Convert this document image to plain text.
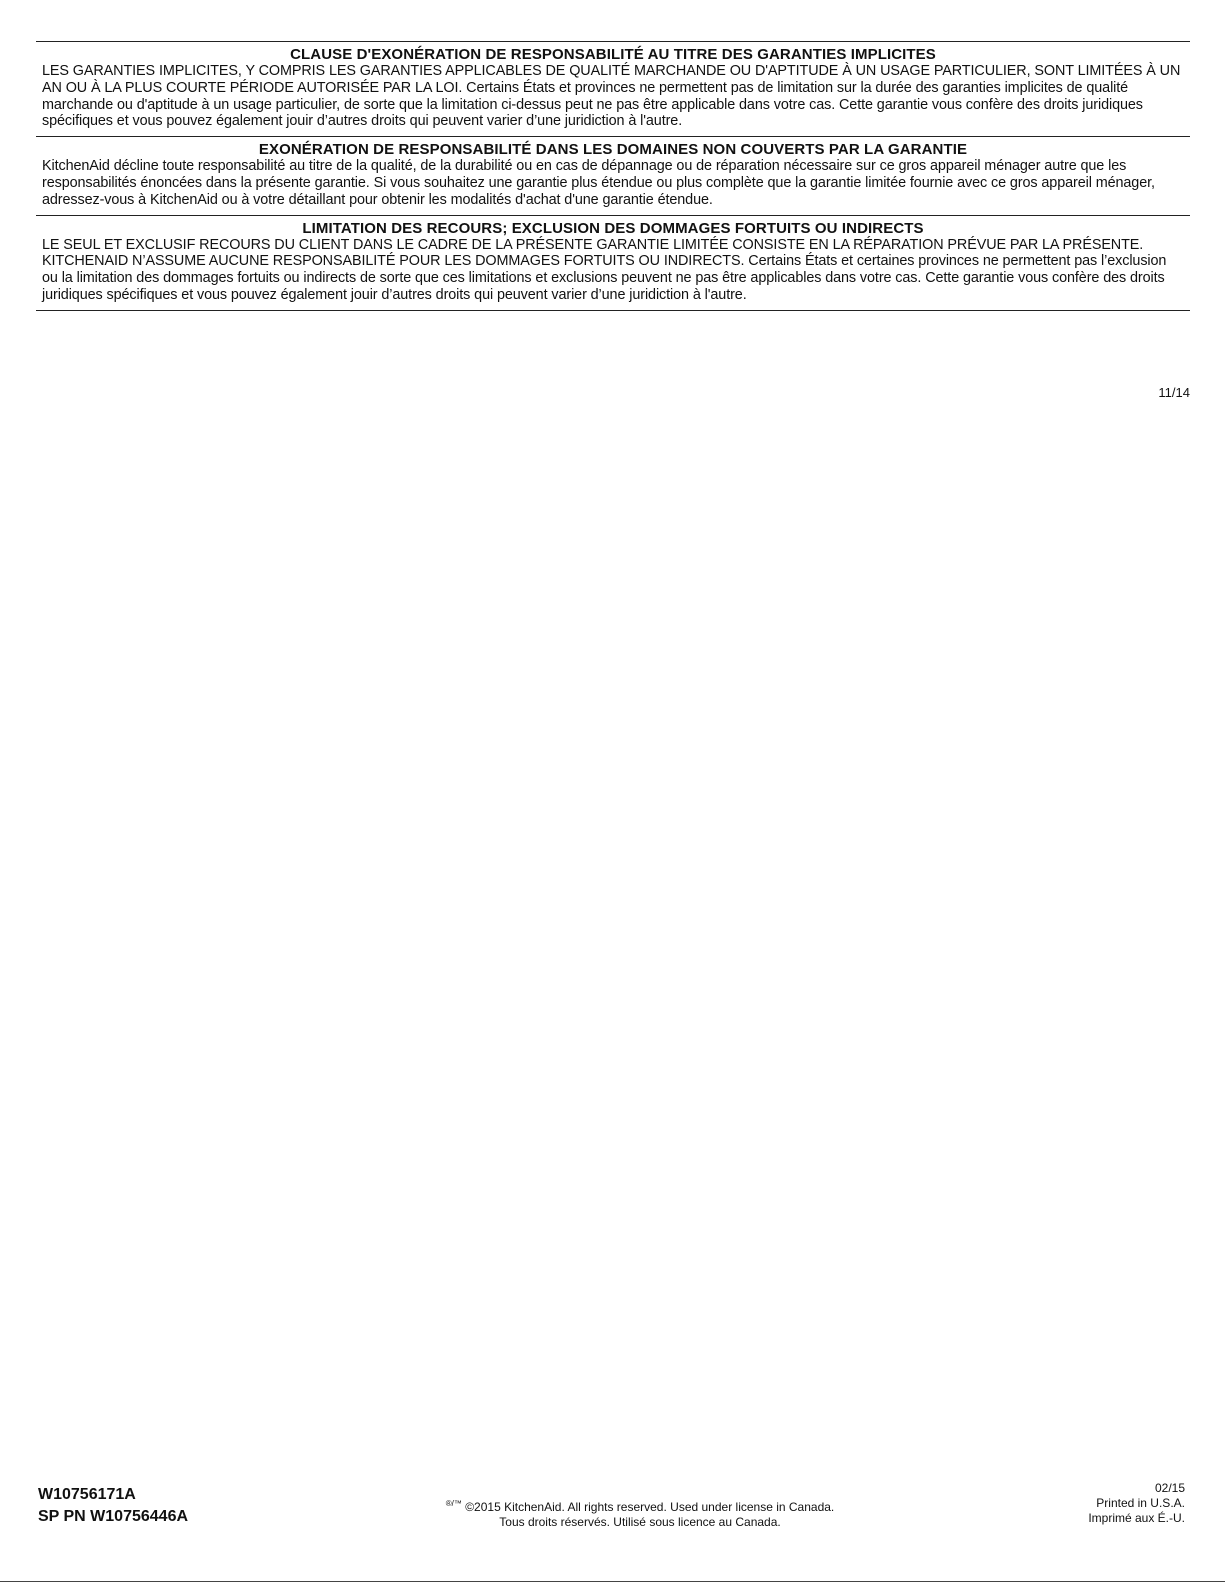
CLAUSE D'EXONÉRATION DE RESPONSABILITÉ AU TITRE DES GARANTIES IMPLICITES

LES GARANTIES IMPLICITES, Y COMPRIS LES GARANTIES APPLICABLES DE QUALITÉ MARCHANDE OU D'APTITUDE À UN USAGE PARTICULIER, SONT LIMITÉES À UN AN OU À LA PLUS COURTE PÉRIODE AUTORISÉE PAR LA LOI. Certains États et provinces ne permettent pas de limitation sur la durée des garanties implicites de qualité marchande ou d'aptitude à un usage particulier, de sorte que la limitation ci-dessus peut ne pas être applicable dans votre cas. Cette garantie vous confère des droits juridiques spécifiques et vous pouvez également jouir d’autres droits qui peuvent varier d’une juridiction à l'autre.

EXONÉRATION DE RESPONSABILITÉ DANS LES DOMAINES NON COUVERTS PAR LA GARANTIE

KitchenAid décline toute responsabilité au titre de la qualité, de la durabilité ou en cas de dépannage ou de réparation nécessaire sur ce gros appareil ménager autre que les responsabilités énoncées dans la présente garantie. Si vous souhaitez une garantie plus étendue ou plus complète que la garantie limitée fournie avec ce gros appareil ménager, adressez-vous à KitchenAid ou à votre détaillant pour obtenir les modalités d'achat d'une garantie étendue.

LIMITATION DES RECOURS; EXCLUSION DES DOMMAGES FORTUITS OU INDIRECTS

LE SEUL ET EXCLUSIF RECOURS DU CLIENT DANS LE CADRE DE LA PRÉSENTE GARANTIE LIMITÉE CONSISTE EN LA RÉPARATION PRÉVUE PAR LA PRÉSENTE. KITCHENAID N’ASSUME AUCUNE RESPONSABILITÉ POUR LES DOMMAGES FORTUITS OU INDIRECTS. Certains États et certaines provinces ne permettent pas l’exclusion ou la limitation des dommages fortuits ou indirects de sorte que ces limitations et exclusions peuvent ne pas être applicables dans votre cas. Cette garantie vous confère des droits juridiques spécifiques et vous pouvez également jouir d’autres droits qui peuvent varier d’une juridiction à l'autre.

11/14
W10756171A
SP PN W10756446A
®/™ ©2015 KitchenAid. All rights reserved. Used under license in Canada.
Tous droits réservés. Utilisé sous licence au Canada.
02/15
Printed in U.S.A.
Imprimé aux É.-U.
